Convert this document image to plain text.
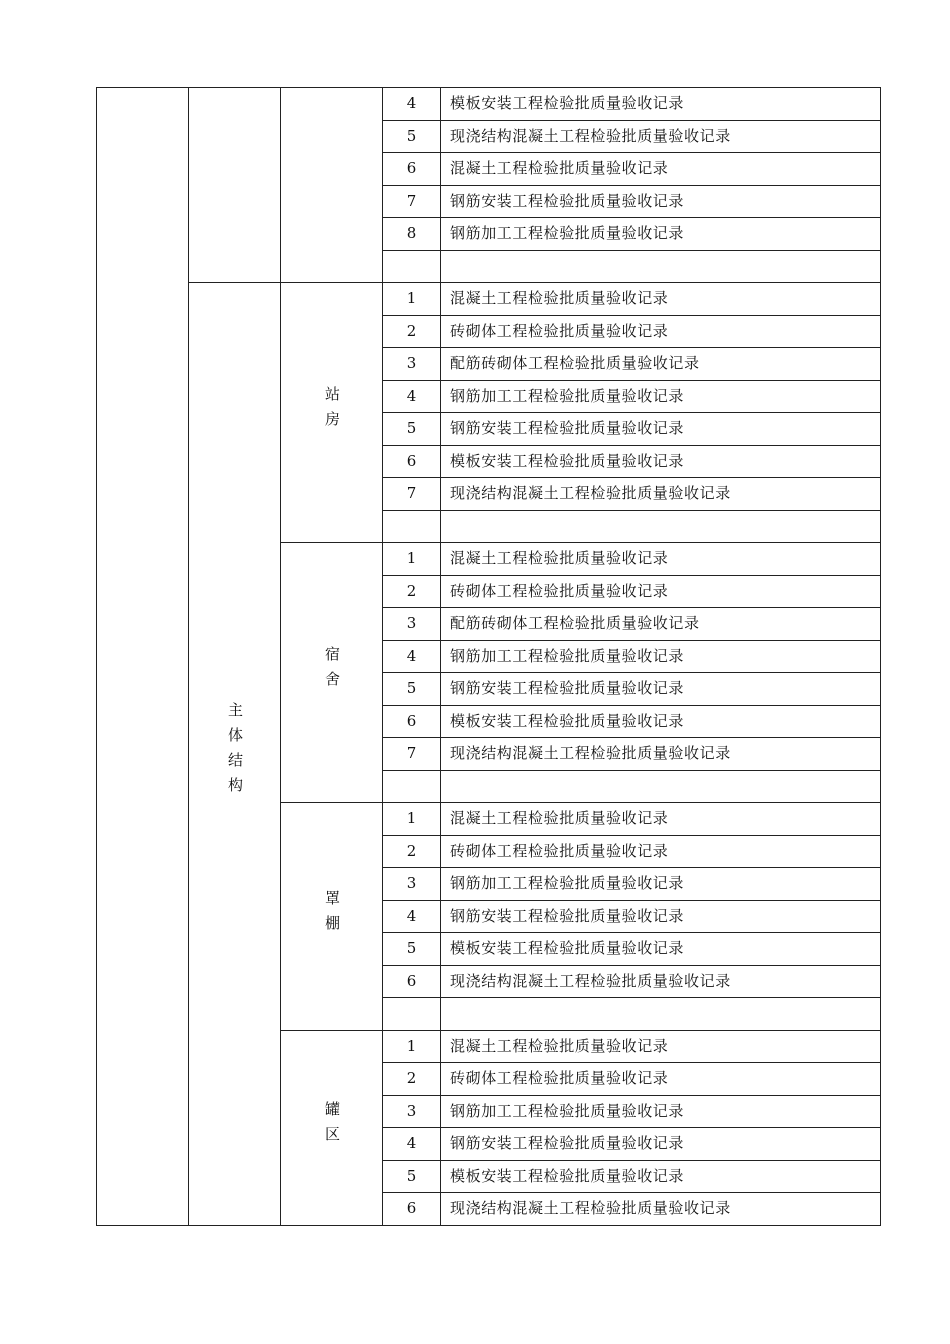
			4	模板安装工程检验批质量验收记录
			5	现浇结构混凝土工程检验批质量验收记录
			6	混凝土工程检验批质量验收记录
			7	钢筋安装工程检验批质量验收记录
			8	钢筋加工工程检验批质量验收记录

	主体结构	站房	1	混凝土工程检验批质量验收记录
			2	砖砌体工程检验批质量验收记录
			3	配筋砖砌体工程检验批质量验收记录
			4	钢筋加工工程检验批质量验收记录
			5	钢筋安装工程检验批质量验收记录
			6	模板安装工程检验批质量验收记录
			7	现浇结构混凝土工程检验批质量验收记录

		宿舍	1	混凝土工程检验批质量验收记录
			2	砖砌体工程检验批质量验收记录
			3	配筋砖砌体工程检验批质量验收记录
			4	钢筋加工工程检验批质量验收记录
			5	钢筋安装工程检验批质量验收记录
			6	模板安装工程检验批质量验收记录
			7	现浇结构混凝土工程检验批质量验收记录

		罩棚	1	混凝土工程检验批质量验收记录
			2	砖砌体工程检验批质量验收记录
			3	钢筋加工工程检验批质量验收记录
			4	钢筋安装工程检验批质量验收记录
			5	模板安装工程检验批质量验收记录
			6	现浇结构混凝土工程检验批质量验收记录

		罐区	1	混凝土工程检验批质量验收记录
			2	砖砌体工程检验批质量验收记录
			3	钢筋加工工程检验批质量验收记录
			4	钢筋安装工程检验批质量验收记录
			5	模板安装工程检验批质量验收记录
			6	现浇结构混凝土工程检验批质量验收记录
